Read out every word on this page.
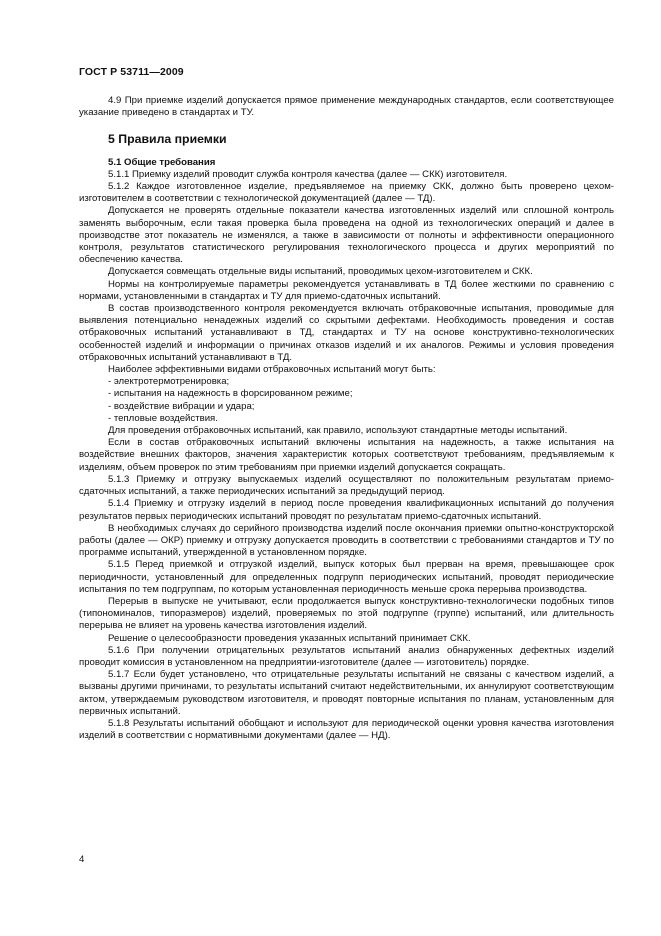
ГОСТ Р 53711—2009

4.9 При приемке изделий допускается прямое применение международных стандартов, если соответствующее указание приведено в стандартах и ТУ.

5 Правила приемки

5.1 Общие требования

5.1.1 Приемку изделий проводит служба контроля качества (далее — СКК) изготовителя.

5.1.2 Каждое изготовленное изделие, предъявляемое на приемку СКК, должно быть проверено цехом-изготовителем в соответствии с технологической документацией (далее — ТД).

Допускается не проверять отдельные показатели качества изготовленных изделий или сплошной контроль заменять выборочным, если такая проверка была проведена на одной из технологических операций и далее в производстве этот показатель не изменялся, а также в зависимости от полноты и эффективности операционного контроля, результатов статистического регулирования технологического процесса и других мероприятий по обеспечению качества.

Допускается совмещать отдельные виды испытаний, проводимых цехом-изготовителем и СКК.

Нормы на контролируемые параметры рекомендуется устанавливать в ТД более жесткими по сравнению с нормами, установленными в стандартах и ТУ для приемо-сдаточных испытаний.

В состав производственного контроля рекомендуется включать отбраковочные испытания, проводимые для выявления потенциально ненадежных изделий со скрытыми дефектами. Необходимость проведения и состав отбраковочных испытаний устанавливают в ТД, стандартах и ТУ на основе конструктивно-технологических особенностей изделий и информации о причинах отказов изделий и их аналогов. Режимы и условия проведения отбраковочных испытаний устанавливают в ТД.

Наиболее эффективными видами отбраковочных испытаний могут быть:

- электротермотренировка;
- испытания на надежность в форсированном режиме;
- воздействие вибрации и удара;
- тепловые воздействия.

Для проведения отбраковочных испытаний, как правило, используют стандартные методы испытаний.

Если в состав отбраковочных испытаний включены испытания на надежность, а также испытания на воздействие внешних факторов, значения характеристик которых соответствуют требованиям, предъявляемым к изделиям, объем проверок по этим требованиям при приемки изделий допускается сокращать.

5.1.3 Приемку и отгрузку выпускаемых изделий осуществляют по положительным результатам приемо-сдаточных испытаний, а также периодических испытаний за предыдущий период.

5.1.4 Приемку и отгрузку изделий в период после проведения квалификационных испытаний до получения результатов первых периодических испытаний проводят по результатам приемо-сдаточных испытаний.

В необходимых случаях до серийного производства изделий после окончания приемки опытно-конструкторской работы (далее — ОКР) приемку и отгрузку допускается проводить в соответствии с требованиями стандартов и ТУ по программе испытаний, утвержденной в установленном порядке.

5.1.5 Перед приемкой и отгрузкой изделий, выпуск которых был прерван на время, превышающее срок периодичности, установленный для определенных подгрупп периодических испытаний, проводят периодические испытания по тем подгруппам, по которым установленная периодичность меньше срока перерыва производства.

Перерыв в выпуске не учитывают, если продолжается выпуск конструктивно-технологически подобных типов (типономиналов, типоразмеров) изделий, проверяемых по этой подгруппе (группе) испытаний, или длительность перерыва не влияет на уровень качества изготовления изделий.

Решение о целесообразности проведения указанных испытаний принимает СКК.

5.1.6 При получении отрицательных результатов испытаний анализ обнаруженных дефектных изделий проводит комиссия в установленном на предприятии-изготовителе (далее — изготовитель) порядке.

5.1.7 Если будет установлено, что отрицательные результаты испытаний не связаны с качеством изделий, а вызваны другими причинами, то результаты испытаний считают недействительными, их аннулируют соответствующим актом, утверждаемым руководством изготовителя, и проводят повторные испытания по планам, установленным для первичных испытаний.

5.1.8 Результаты испытаний обобщают и используют для периодической оценки уровня качества изготовления изделий в соответствии с нормативными документами (далее — НД).

4
